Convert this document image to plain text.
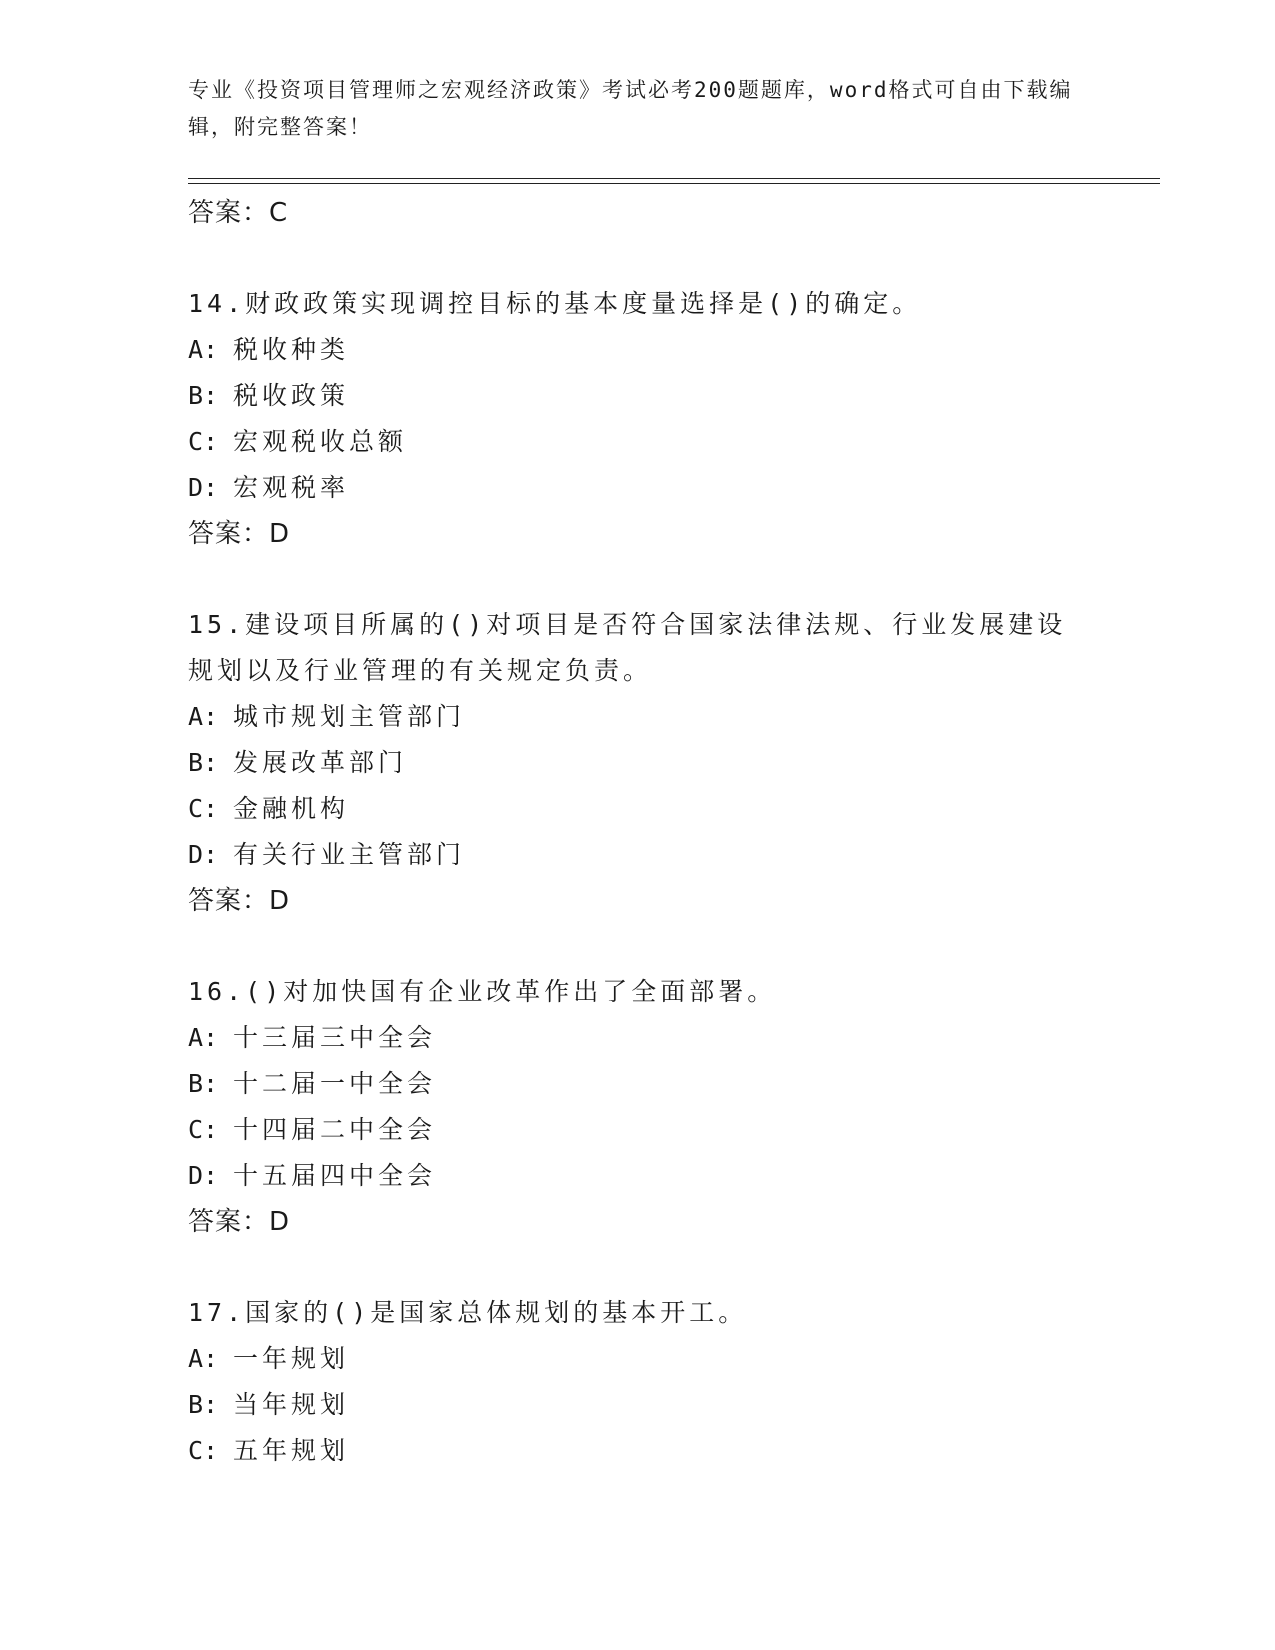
专业《投资项目管理师之宏观经济政策》考试必考200题题库，word格式可自由下载编辑，附完整答案！
答案：C
14.财政政策实现调控目标的基本度量选择是()的确定。
A: 税收种类
B: 税收政策
C: 宏观税收总额
D: 宏观税率
答案：D
15.建设项目所属的()对项目是否符合国家法律法规、行业发展建设规划以及行业管理的有关规定负责。
A: 城市规划主管部门
B: 发展改革部门
C: 金融机构
D: 有关行业主管部门
答案：D
16.()对加快国有企业改革作出了全面部署。
A: 十三届三中全会
B: 十二届一中全会
C: 十四届二中全会
D: 十五届四中全会
答案：D
17.国家的()是国家总体规划的基本开工。
A: 一年规划
B: 当年规划
C: 五年规划
